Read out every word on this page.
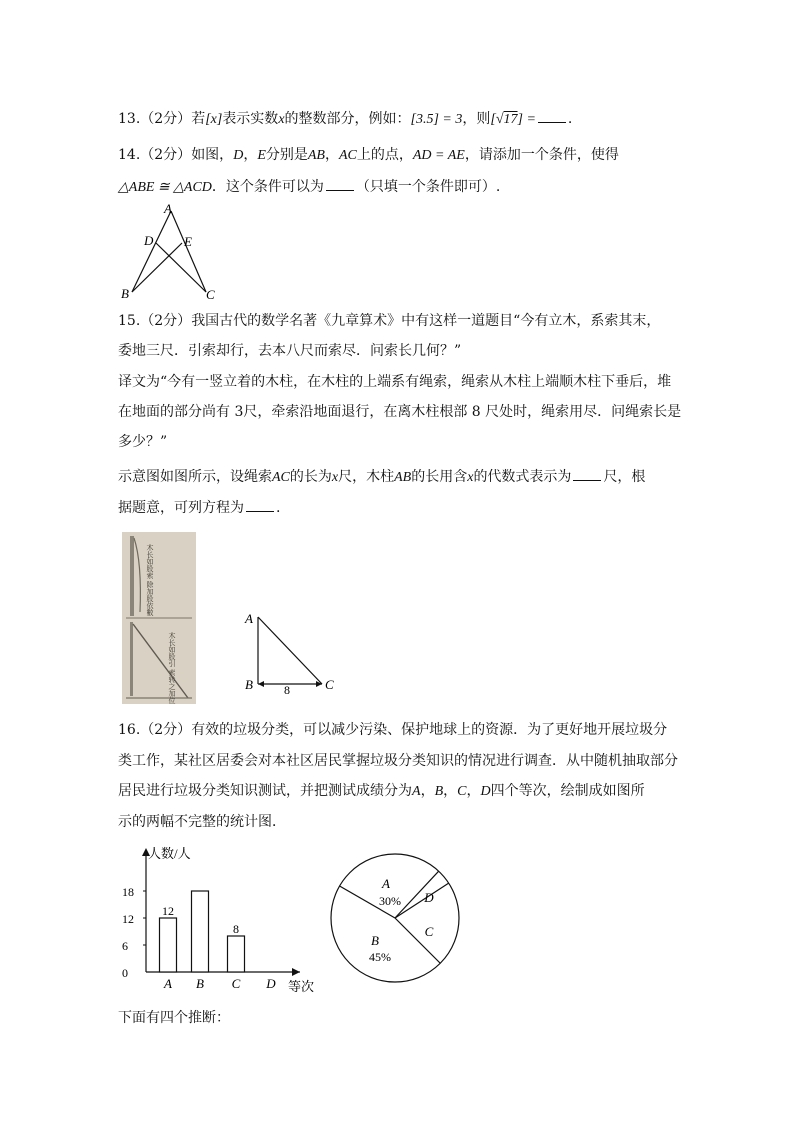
13.（2分）若[x]表示实数x的整数部分，例如：[3.5] = 3，则[√17] = .
14.（2分）如图，D，E分别是AB，AC上的点，AD = AE，请添加一个条件，使得
△ABE ≅ △ACD．这个条件可以为 （只填一个条件即可）.
A
D E
B	C
15.（2分）我国古代的数学名著《九章算术》中有这样一道题目“今有立木，系索其末，
委地三尺．引索却行，去本八尺而索尽．问索长几何？”
译文为“今有一竖立着的木柱，在木柱的上端系有绳索，绳索从木柱上端顺木柱下垂后，堆
在地面的部分尚有 3尺，牵索沿地面退行，在离木柱根部 8 尺处时，绳索用尽．问绳索长是
多少？”
示意图如图所示，设绳索AC的长为x尺，木柱AB的长用含x的代数式表示为 尺，根
据题意，可列方程为 .
木长如股索 除加股依數
木长如股引 索转之加位
A
B	C
8
16.（2分）有效的垃圾分类，可以减少污染、保护地球上的资源．为了更好地开展垃圾分
类工作，某社区居委会对本社区居民掌握垃圾分类知识的情况进行调查．从中随机抽取部分
居民进行垃圾分类知识测试，并把测试成绩分为A，B，C，D四个等次，绘制成如图所
示的两幅不完整的统计图．
人数/人
等次
0
6
12
18
12
A B
8
C D
A
30% D
C
B
45%
下面有四个推断：
